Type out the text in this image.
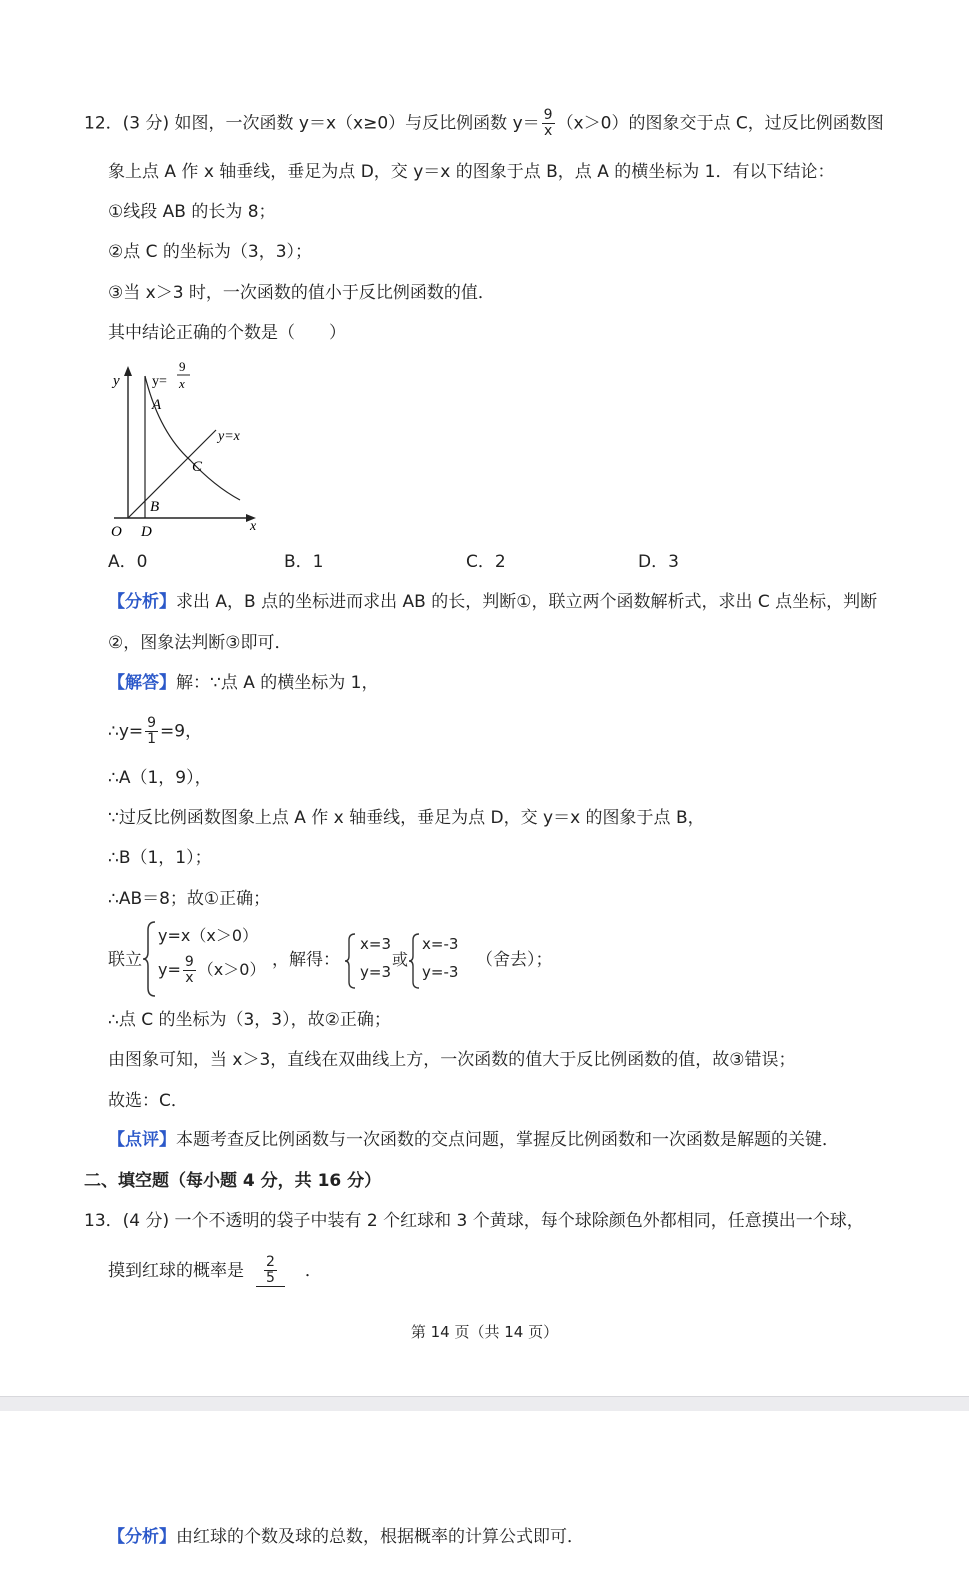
12．(3 分) 如图，一次函数 y＝x（x≥0）与反比例函数 $y= \frac{9}{x} (x>0)$的图象交于点 C，过反比例函数图
象上点 A 作 x 轴垂线，垂足为点 D，交 y＝x 的图象于点 B，点 A 的横坐标为 1．有以下结论：
①线段 AB 的长为 8；
②点 C 的坐标为（3，3）；
③当 x＞3 时，一次函数的值小于反比例函数的值．
其中结论正确的个数是（　　）
y y=
9
x
A
y=x
C
B
O D	x
A．0	B．1	C．2	D．3
【分析】求出 A，B 点的坐标进而求出 AB 的长，判断①，联立两个函数解析式，求出 C 点坐标，判断
②，图象法判断③即可．
【解答】解：∵点 A 的横坐标为 1，
∴y= $\frac{9}{1} =9$，
∴A（1，9），
∵过反比例函数图象上点 A 作 x 轴垂线，垂足为点 D，交 y＝x 的图象于点 B，
∴B（1，1）；
∴AB＝8；故①正确；
联立
y=x（x＞0）
$y= \frac{9}{x} (x>0)$ ，解得：
x=3
y=3
或
x=-3
y=-3
（舍去）；
∴点 C 的坐标为（3，3），故②正确；
由图象可知，当 x＞3，直线在双曲线上方，一次函数的值大于反比例函数的值，故③错误；
故选：C．
【点评】本题考查反比例函数与一次函数的交点问题，掌握反比例函数和一次函数是解题的关键．
二、填空题（每小题 4 分，共 16 分）
13．(4 分) 一个不透明的袋子中装有 2 个红球和 3 个黄球，每个球除颜色外都相同，任意摸出一个球，
摸到红球的概率是 $\frac{2}{5}$ ．
第 14 页（共 14 页）
【分析】由红球的个数及球的总数，根据概率的计算公式即可．
